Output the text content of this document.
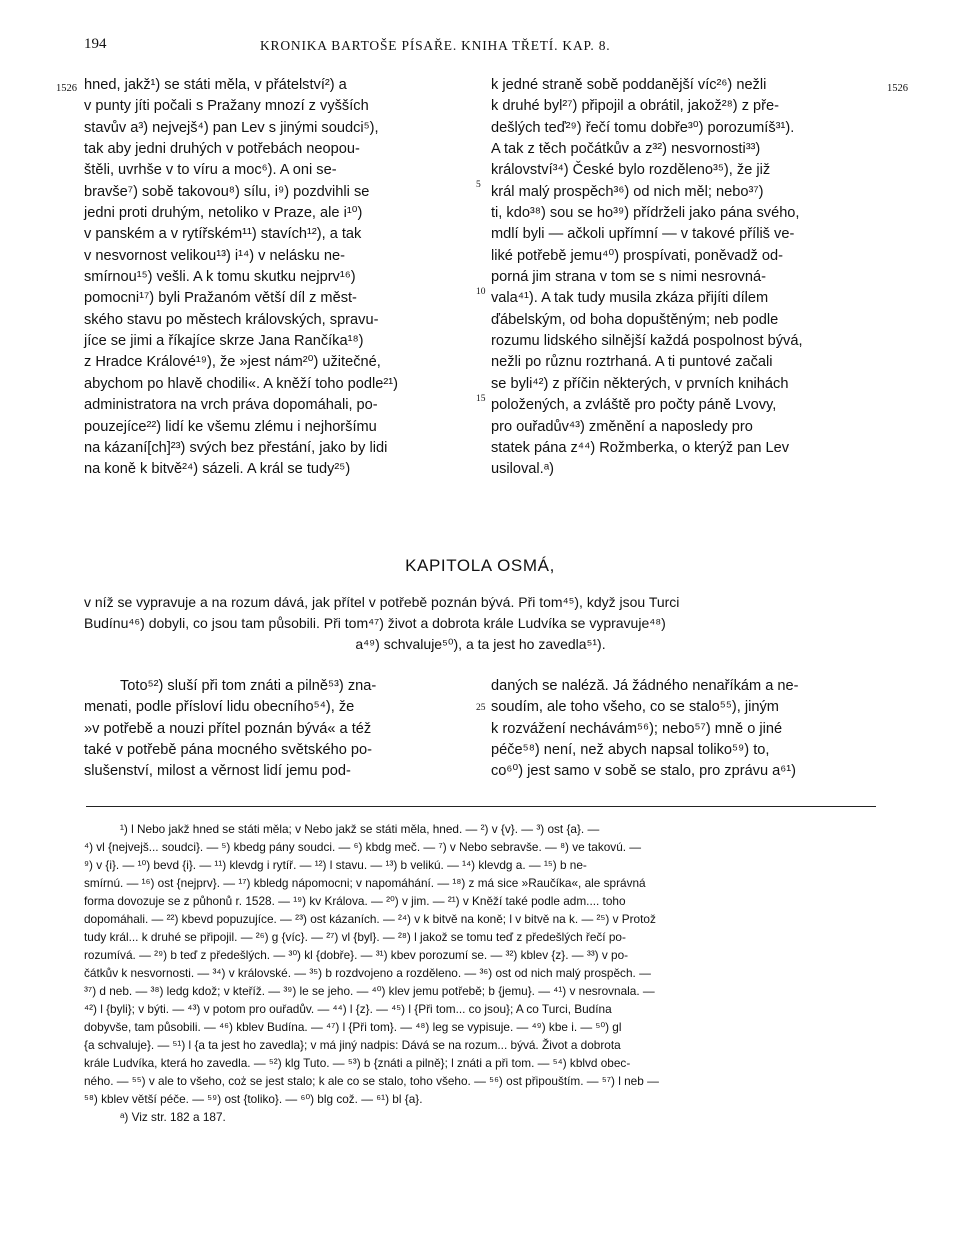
194	KRONIKA BARTOŠE PÍSAŘE. KNIHA TŘETÍ. KAP. 8.
1526	1526
5
10
15
25
hned, jakž¹) se státi měla, v přátelství²) a
v punty jíti počali s Pražany mnozí z vyšších
stavův a³) nejvejš⁴) pan Lev s jinými soudci⁵),
tak aby jedni druhých v potřebách neopou-
štěli, uvrhše v to víru a moc⁶). A oni se-
bravše⁷) sobě takovou⁸) sílu, i⁹) pozdvihli se
jedni proti druhým, netoliko v Praze, ale i¹⁰)
v panském a v rytířském¹¹) stavích¹²), a tak
v nesvornost velikou¹³) i¹⁴) v nelásku ne-
smírnou¹⁵) vešli. A k tomu skutku nejprv¹⁶)
pomocni¹⁷) byli Pražanóm větší díl z měst-
ského stavu po městech královských, spravu-
jíce se jimi a říkajíce skrze Jana Rančíka¹⁸)
z Hradce Králové¹⁹), že »jest nám²⁰) užitečné,
abychom po hlavě chodili«. A kněží toho podle²¹)
administratora na vrch práva dopomáhali, po-
pouzejíce²²) lidí ke všemu zlému i nejhoršímu
na kázaní[ch]²³) svých bez přestání, jako by lidi
na koně k bitvě²⁴) sázeli. A král se tudy²⁵)
k jedné straně sobě poddanější víc²⁶) nežli
k druhé byl²⁷) připojil a obrátil, jakož²⁸) z pře-
dešlých teď²⁹) řečí tomu dobře³⁰) porozumíš³¹).
A tak z těch počátkův a z³²) nesvornosti³³)
království³⁴) České bylo rozděleno³⁵), že již
král malý prospěch³⁶) od nich měl; nebo³⁷)
ti, kdo³⁸) sou se ho³⁹) přídrželi jako pána svého,
mdlí byli — ačkoli upřímní — v takové příliš ve-
liké potřebě jemu⁴⁰) prospívati, poněvadž od-
porná jim strana v tom se s nimi nesrovná-
vala⁴¹). A tak tudy musila zkáza přijíti dílem
ďábelským, od boha dopuštěným; neb podle
rozumu lidského silnější každá pospolnost bývá,
nežli po různu roztrhaná. A ti puntové začali
se byli⁴²) z příčin některých, v prvních knihách
položených, a zvláště pro počty páně Lvovy,
pro ouřadův⁴³) změnění a naposledy pro
statek pána z⁴⁴) Rožmberka, o kterýž pan Lev
usiloval.ᵃ)
KAPITOLA OSMÁ,
v níž se vypravuje a na rozum dává, jak přítel v potřebě poznán bývá. Při tom⁴⁵), když jsou Turci
Budínu⁴⁶) dobyli, co jsou tam působili. Při tom⁴⁷) život a dobrota krále Ludvíka se vypravuje⁴⁸)
a⁴⁹) schvaluje⁵⁰), a ta jest ho zavedla⁵¹).
Toto⁵²) sluší při tom znáti a pilně⁵³) zna-
menati, podle přísloví lidu obecního⁵⁴), že
»v potřebě a nouzi přítel poznán bývá« a též
také v potřebě pána mocného světského po-
slušenství, milost a věrnost lidí jemu pod-
daných se naléză. Já žádného nenaříkám a ne-
soudím, ale toho všeho, co se stalo⁵⁵), jiným
k rozvážení nechávám⁵⁶); nebo⁵⁷) mně o jiné
péče⁵⁸) není, než abych napsal toliko⁵⁹) to,
co⁶⁰) jest samo v sobě se stalo, pro zprávu a⁶¹)
¹) l Nebo jakž hned se státi měla; v Nebo jakž se státi měla, hned. — ²) v {v}. — ³) ost {a}. —
⁴) vl {nejvejš... soudci}. — ⁵) kbedg pány soudci. — ⁶) kbdg meč. — ⁷) v Nebo sebravše. — ⁸) ve takovú. —
⁹) v {i}. — ¹⁰) bevd {i}. — ¹¹) klevdg i rytíř. — ¹²) l stavu. — ¹³) b velikú. — ¹⁴) klevdg a. — ¹⁵) b ne-
smírnú. — ¹⁶) ost {nejprv}. — ¹⁷) kbledg nápomocni; v napomáhání. — ¹⁸) z má sice »Raučíka«, ale správná
forma dovozuje se z půhonů r. 1528. — ¹⁹) kv Králova. — ²⁰) v jim. — ²¹) v Kněží také podle adm.... toho
dopomáhali. — ²²) kbevd popuzujíce. — ²³) ost kázaních. — ²⁴) v k bitvě na koně; l v bitvě na k. — ²⁵) v Protož
tudy král... k druhé se připojil. — ²⁶) g {víc}. — ²⁷) vl {byl}. — ²⁸) l jakož se tomu teď z předešlých řečí po-
rozumívá. — ²⁹) b teď z předešlých. — ³⁰) kl {dobře}. — ³¹) kbev porozumí se. — ³²) kblev {z}. — ³³) v po-
čátkův k nesvornosti. — ³⁴) v královské. — ³⁵) b rozdvojeno a rozděleno. — ³⁶) ost od nich malý prospěch. —
³⁷) d neb. — ³⁸) ledg kdož; v kteříž. — ³⁹) le se jeho. — ⁴⁰) klev jemu potřebě; b {jemu}. — ⁴¹) v nesrovnala. —
⁴²) l {byli}; v býti. — ⁴³) v potom pro ouřadův. — ⁴⁴) l {z}. — ⁴⁵) l {Při tom... co jsou}; A co Turci, Budína
dobyvše, tam působili. — ⁴⁶) kblev Budína. — ⁴⁷) l {Při tom}. — ⁴⁸) leg se vypisuje. — ⁴⁹) kbe i. — ⁵⁰) gl
{a schvaluje}. — ⁵¹) l {a ta jest ho zavedla}; v má jiný nadpis: Dává se na rozum... bývá. Život a dobrota
krále Ludvíka, která ho zavedla. — ⁵²) klg Tuto. — ⁵³) b {znáti a pilně}; l znáti a při tom. — ⁵⁴) kblvd obec-
ného. — ⁵⁵) v ale to všeho, coż se jest stalo; k ale co se stalo, toho všeho. — ⁵⁶) ost připouštím. — ⁵⁷) l neb —
⁵⁸) kblev větší péče. — ⁵⁹) ost {toliko}. — ⁶⁰) blg což. — ⁶¹) bl {a}.
ᵃ) Viz str. 182 a 187.
